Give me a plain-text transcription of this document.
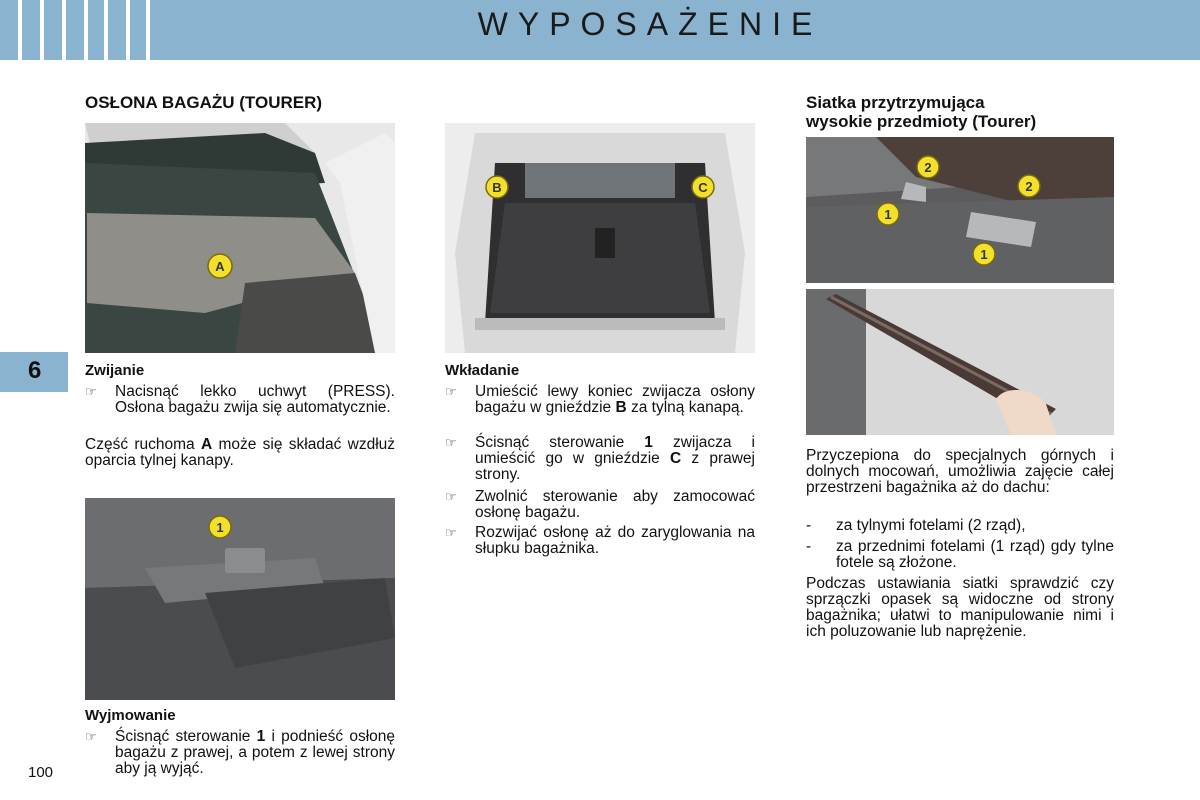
WYPOSAŻENIE
6
100
OSŁONA BAGAŻU (TOURER)
A
Zwijanie
☞	Nacisnąć lekko uchwyt (PRESS). Osłona bagażu zwija się automatycznie.
Część ruchoma A może się składać wzdłuż oparcia tylnej kanapy.
1
Wyjmowanie
☞	Ścisnąć sterowanie 1 i podnieść osłonę bagażu z prawej, a potem z lewej strony aby ją wyjąć.
B	C
Wkładanie
☞	Umieścić lewy koniec zwijacza osłony bagażu w gnieździe B za tylną kanapą.
☞	Ścisnąć sterowanie 1 zwijacza i umieścić go w gnieździe C z prawej strony.
☞	Zwolnić sterowanie aby zamocować osłonę bagażu.
☞	Rozwijać osłonę aż do zaryglowania na słupku bagażnika.
Siatka przytrzymująca
wysokie przedmioty (Tourer)
2
2
1
1
Przyczepiona do specjalnych górnych i dolnych mocowań, umożliwia zajęcie całej przestrzeni bagażnika aż do dachu:
- za tylnymi fotelami (2 rząd),
- za przednimi fotelami (1 rząd) gdy tylne fotele są złożone.
Podczas ustawiania siatki sprawdzić czy sprzączki opasek są widoczne od strony bagażnika; ułatwi to manipulowanie nimi i ich poluzowanie lub naprężenie.
